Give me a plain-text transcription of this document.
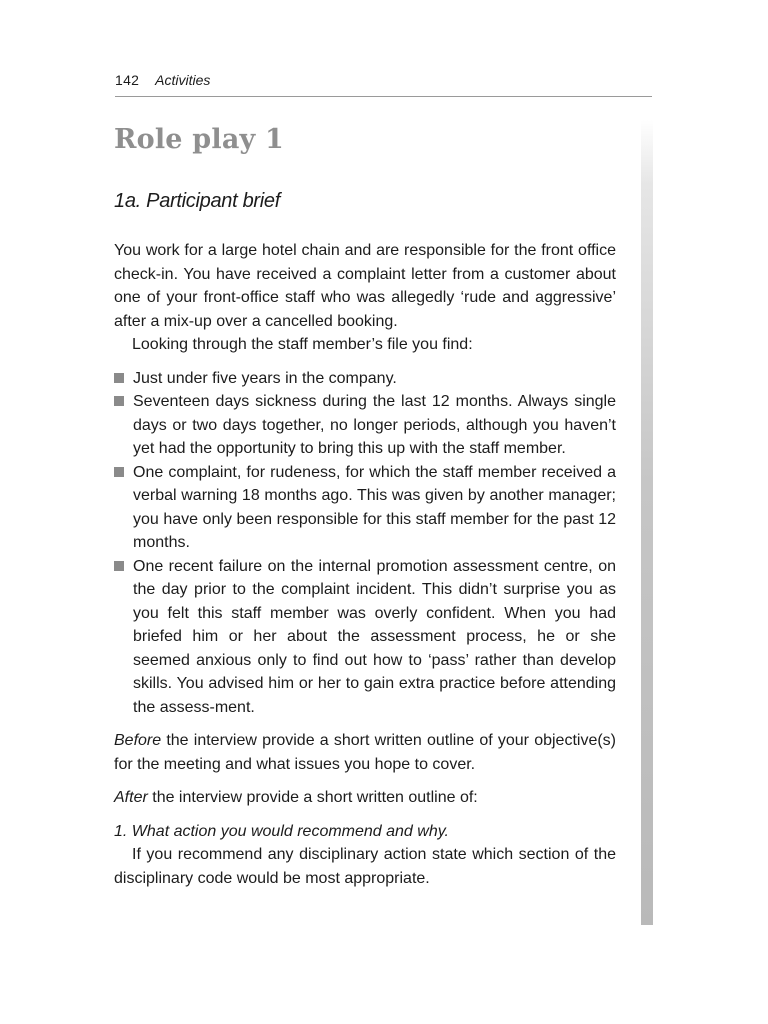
142 Activities
Role play 1
1a. Participant brief

You work for a large hotel chain and are responsible for the front office check-in. You have received a complaint letter from a customer about one of your front-office staff who was allegedly ‘rude and aggressive’ after a mix-up over a cancelled booking.

Looking through the staff member’s file you find:

Just under five years in the company.
Seventeen days sickness during the last 12 months. Always single days or two days together, no longer periods, although you haven’t yet had the opportunity to bring this up with the staff member.
One complaint, for rudeness, for which the staff member received a verbal warning 18 months ago. This was given by another manager; you have only been responsible for this staff member for the past 12 months.
One recent failure on the internal promotion assessment centre, on the day prior to the complaint incident. This didn’t surprise you as you felt this staff member was overly confident. When you had briefed him or her about the assessment process, he or she seemed anxious only to find out how to ‘pass’ rather than develop skills. You advised him or her to gain extra practice before attending the assess-ment.

Before the interview provide a short written outline of your objective(s) for the meeting and what issues you hope to cover.

After the interview provide a short written outline of:

1. What action you would recommend and why.

If you recommend any disciplinary action state which section of the disciplinary code would be most appropriate.
